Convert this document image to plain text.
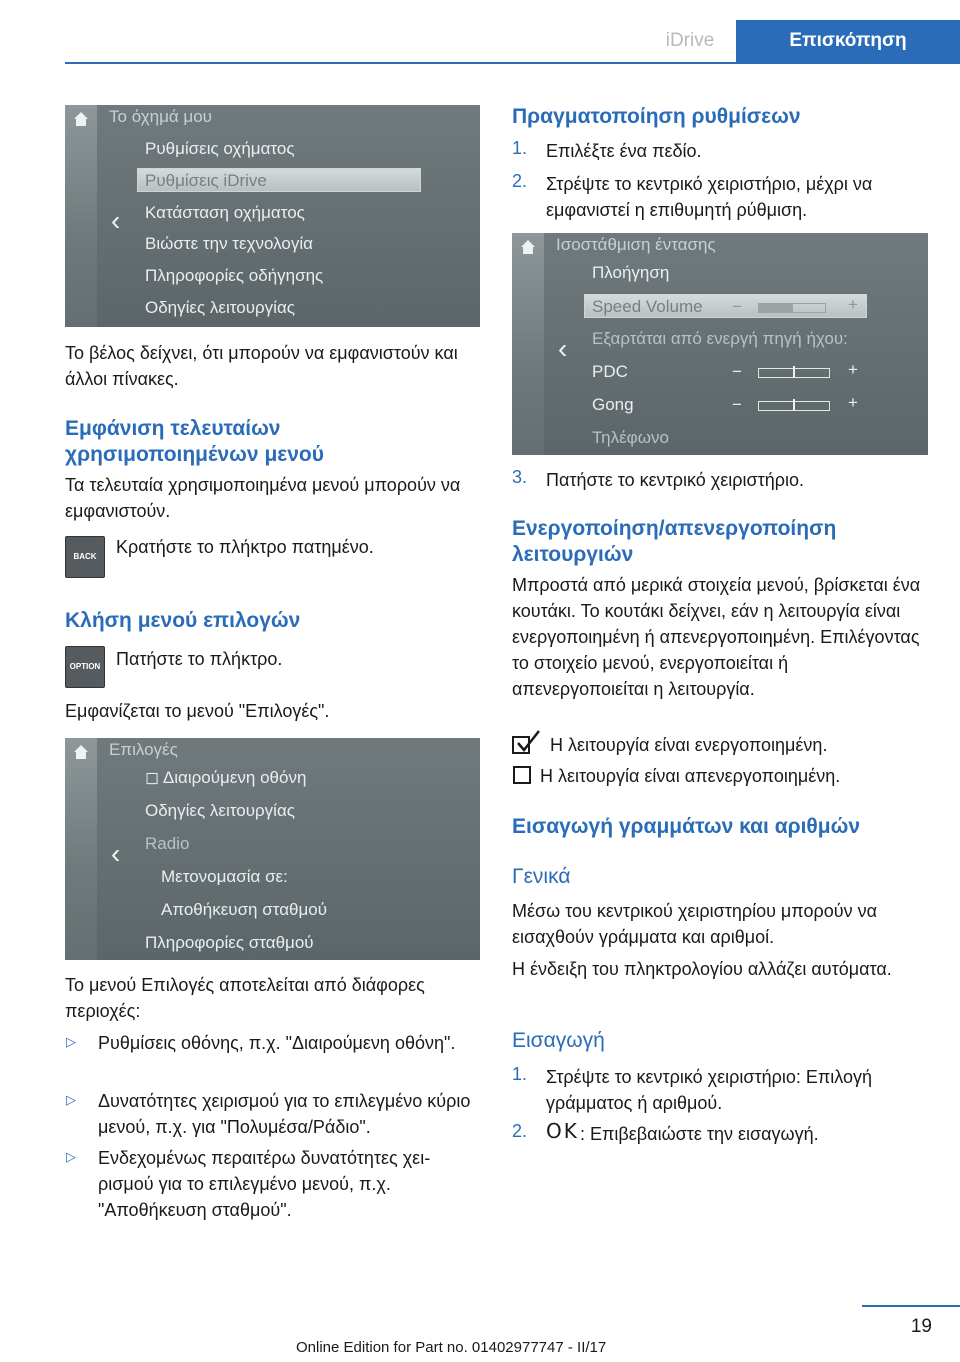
iDrive	Επισκόπηση
Το όχημά μου
‹
Ρυθμίσεις οχήματος
Ρυθμίσεις iDrive
Κατάσταση οχήματος
Βιώστε την τεχνολογία
Πληροφορίες οδήγησης
Οδηγίες λειτουργίας
Το βέλος δείχνει, ότι μπορούν να εμφανιστούν και άλλοι πίνακες.
Εμφάνιση τελευταίων χρησιμοποιημένων μενού
Τα τελευταία χρησιμοποιημένα μενού μπορούν να εμφανιστούν.
BACK	Κρατήστε το πλήκτρο πατημένο.
Κλήση μενού επιλογών
OPTION Πατήστε το πλήκτρο.
Εμφανίζεται το μενού "Επιλογές".
Επιλογές
‹
◻ Διαιρούμενη οθόνη
Οδηγίες λειτουργίας
Radio
Μετονομασία σε:
Αποθήκευση σταθμού
Πληροφορίες σταθμού
Το μενού Επιλογές αποτελείται από διάφορες περιοχές:
▷ Ρυθμίσεις οθόνης, π.χ. "Διαιρούμενη οθόνη".
▷ Δυνατότητες χειρισμού για το επιλεγμένο κύριο μενού, π.χ. για "Πολυμέσα/Ράδιο".
▷ Ενδεχομένως περαιτέρω δυνατότητες χειρισμού για το επιλεγμένο μενού, π.χ. "Αποθήκευση σταθμού".
Πραγματοποίηση ρυθμίσεων
1. Επιλέξτε ένα πεδίο.
2. Στρέψτε το κεντρικό χειριστήριο, μέχρι να εμφανιστεί η επιθυμητή ρύθμιση.
Ισοστάθμιση έντασης
‹
Πλοήγηση
Speed Volume −	+
Εξαρτάται από ενεργή πηγή ήχου:
PDC	−	+
Gong	−	+
Τηλέφωνο
3. Πατήστε το κεντρικό χειριστήριο.
Ενεργοποίηση/απενεργοποίηση λειτουργιών
Μπροστά από μερικά στοιχεία μενού, βρίσκεται ένα κουτάκι. Το κουτάκι δείχνει, εάν η λειτουργία είναι ενεργοποιημένη ή απενεργοποιημένη. Επιλέγοντας το στοιχείο μενού, ενεργοποιείται ή απενεργοποιείται η λειτουργία.
Η λειτουργία είναι ενεργοποιημένη.
Η λειτουργία είναι απενεργοποιημένη.
Εισαγωγή γραμμάτων και αριθμών
Γενικά
Μέσω του κεντρικού χειριστηρίου μπορούν να εισαχθούν γράμματα και αριθμοί.
Η ένδειξη του πληκτρολογίου αλλάζει αυτόματα.
Εισαγωγή
1. Στρέψτε το κεντρικό χειριστήριο: Επιλογή γράμματος ή αριθμού.
2. OK : Επιβεβαιώστε την εισαγωγή.
19
Online Edition for Part no. 01402977747 - II/17
